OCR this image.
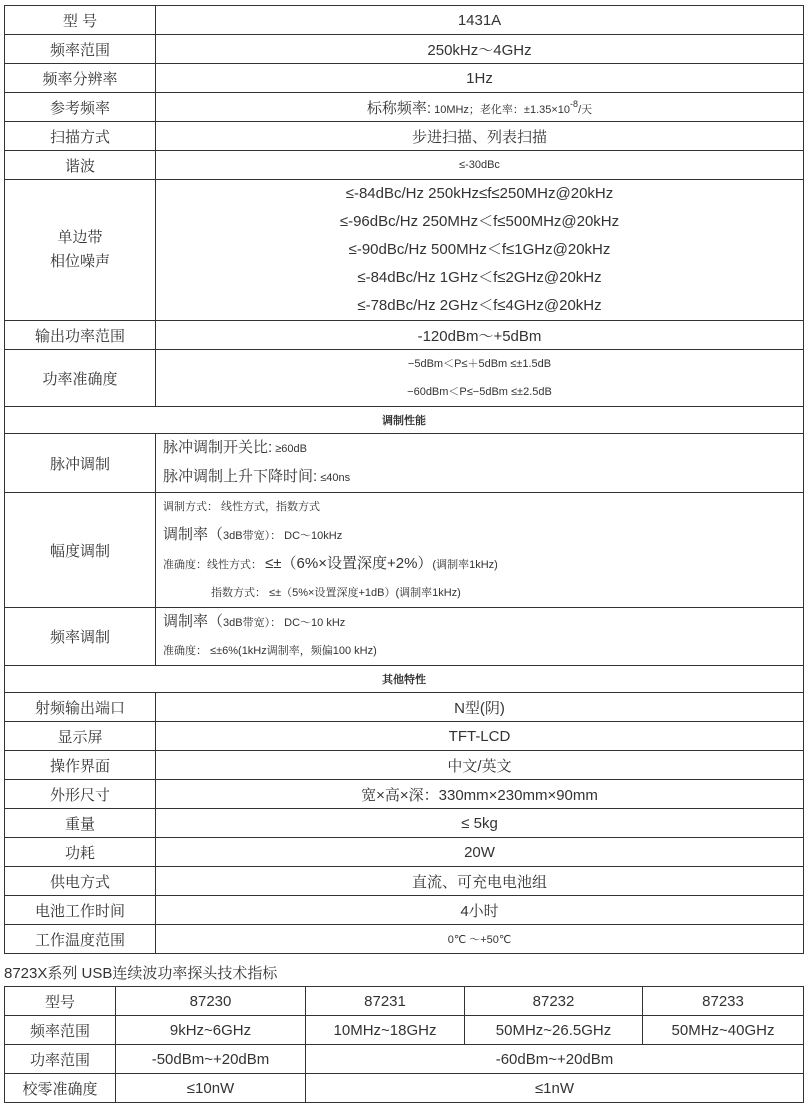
型 号	1431A
频率范围	250kHz～4GHz
频率分辨率	1Hz
参考频率	标称频率: 10MHz；老化率：$\pm 1.35\times 10^{-8}/$天
扫描方式	步进扫描、列表扫描
谐波	≤-30dBc

单边带
相位噪声	≤-84dBc/Hz 250kHz≤f≤250MHz@20kHz
≤-96dBc/Hz 250MHz＜f≤500MHz@20kHz
≤-90dBc/Hz 500MHz＜f≤1GHz@20kHz
≤-84dBc/Hz 1GHz＜f≤2GHz@20kHz
≤-78dBc/Hz 2GHz＜f≤4GHz@20kHz

输出功率范围	-120dBm～+5dBm
功率准确度	−5dBm＜P≤＋5dBm ≤±1.5dB
−60dBm＜P≤−5dBm ≤±2.5dB

调制性能	
脉冲调制	脉冲调制开关比: ≥60dB
脉冲调制上升下降时间: ≤40ns

幅度调制	调制方式： 线性方式，指数方式
调制率（3dB带宽）： DC～10kHz
准确度：线性方式： ≤±（6%×设置深度+2%）(调制率1kHz)
指数方式： ≤±（5%×设置深度+1dB）(调制率1kHz)

频率调制	调制率（3dB带宽）： DC～10 kHz
准确度： ≤±6%(1kHz调制率，频偏100 kHz)

其他特性	
射频输出端口	N型(阴)
显示屏	TFT-LCD
操作界面	中文/英文
外形尺寸	宽×高×深：330mm×230mm×90mm
重量	≤ 5kg
功耗	20W
供电方式	直流、可充电电池组
电池工作时间	4小时
工作温度范围	0℃ ～+50℃
8723X系列 USB连续波功率探头技术指标
型号	87230	87231	87232	87233
频率范围	9kHz~6GHz	10MHz~18GHz	50MHz~26.5GHz	50MHz~40GHz
功率范围	-50dBm~+20dBm	-60dBm~+20dBm		
校零准确度	≤10nW	≤1nW		
